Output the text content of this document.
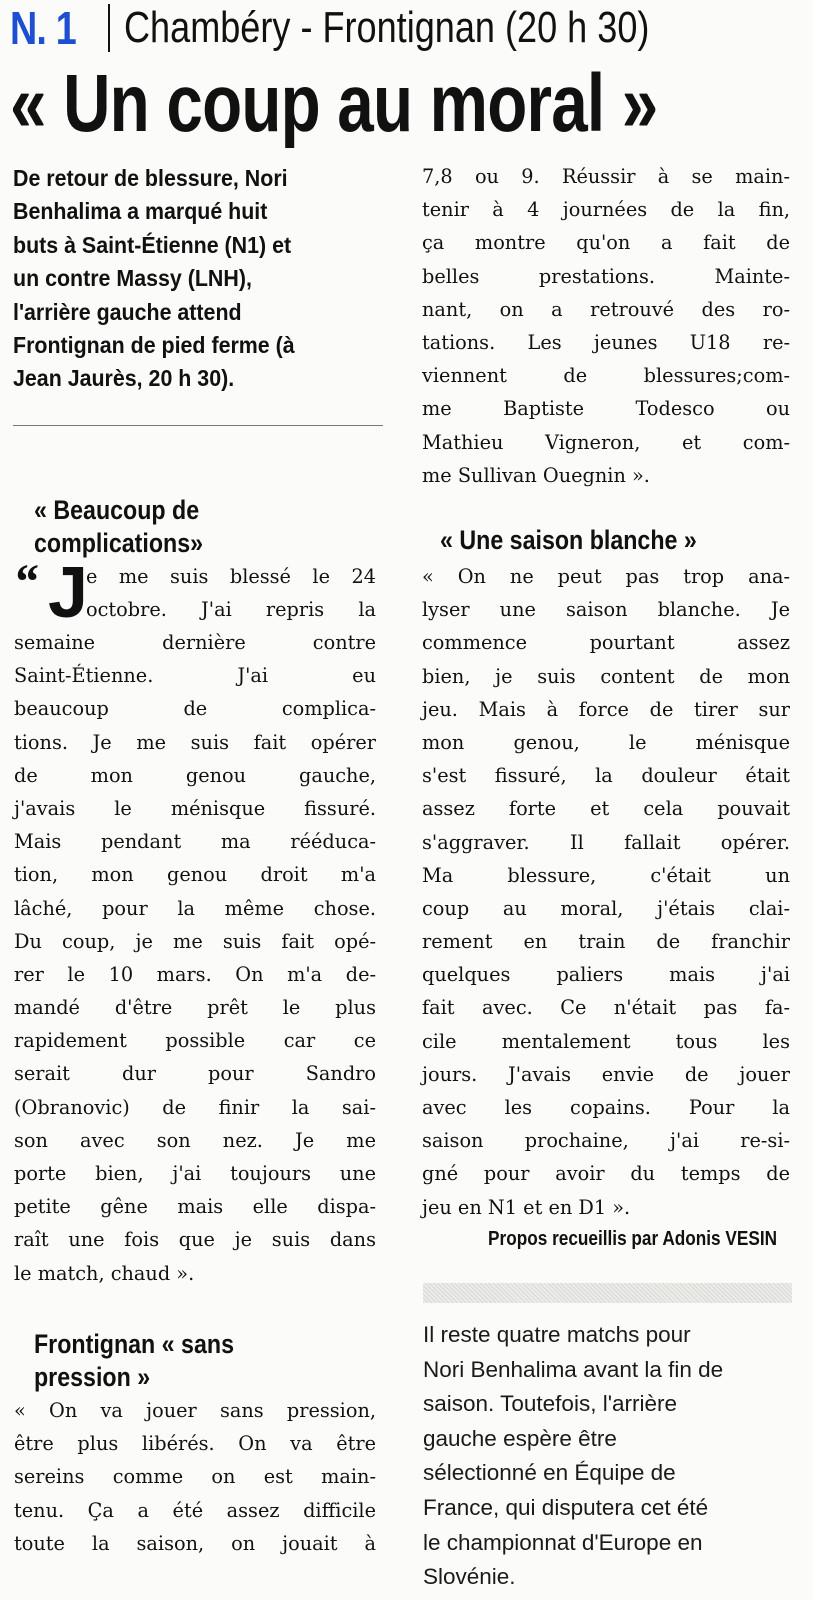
N. 1 Chambéry - Frontignan (20 h 30)
« Un coup au moral »
De retour de blessure, Nori
Benhalima a marqué huit
buts à Saint-Étienne (N1) et
un contre Massy (LNH),
l'arrière gauche attend
Frontignan de pied ferme (à
Jean Jaurès, 20 h 30).
« Beaucoup de
complications»
“ J
e me suis blessé le 24
octobre. J'ai repris la
semaine dernière contre
Saint-Étienne. J'ai eu
beaucoup de complica-
tions. Je me suis fait opérer
de mon genou gauche,
j'avais le ménisque fissuré.
Mais pendant ma rééduca-
tion, mon genou droit m'a
lâché, pour la même chose.
Du coup, je me suis fait opé-
rer le 10 mars. On m'a de-
mandé d'être prêt le plus
rapidement possible car ce
serait dur pour Sandro
(Obranovic) de finir la sai-
son avec son nez. Je me
porte bien, j'ai toujours une
petite gêne mais elle dispa-
raît une fois que je suis dans
le match, chaud ».
Frontignan « sans
pression »
« On va jouer sans pression,
être plus libérés. On va être
sereins comme on est main-
tenu. Ça a été assez difficile
toute la saison, on jouait à
7,8 ou 9. Réussir à se main-
tenir à 4 journées de la fin,
ça montre qu'on a fait de
belles prestations. Mainte-
nant, on a retrouvé des ro-
tations. Les jeunes U18 re-
viennent de blessures;com-
me Baptiste Todesco ou
Mathieu Vigneron, et com-
me Sullivan Ouegnin ».
« Une saison blanche »
« On ne peut pas trop ana-
lyser une saison blanche. Je
commence pourtant assez
bien, je suis content de mon
jeu. Mais à force de tirer sur
mon genou, le ménisque
s'est fissuré, la douleur était
assez forte et cela pouvait
s'aggraver. Il fallait opérer.
Ma blessure, c'était un
coup au moral, j'étais clai-
rement en train de franchir
quelques paliers mais j'ai
fait avec. Ce n'était pas fa-
cile mentalement tous les
jours. J'avais envie de jouer
avec les copains. Pour la
saison prochaine, j'ai re-si-
gné pour avoir du temps de
jeu en N1 et en D1 ».
Propos recueillis par Adonis VESIN
Il reste quatre matchs pour
Nori Benhalima avant la fin de
saison. Toutefois, l'arrière
gauche espère être
sélectionné en Équipe de
France, qui disputera cet été
le championnat d'Europe en
Slovénie.
